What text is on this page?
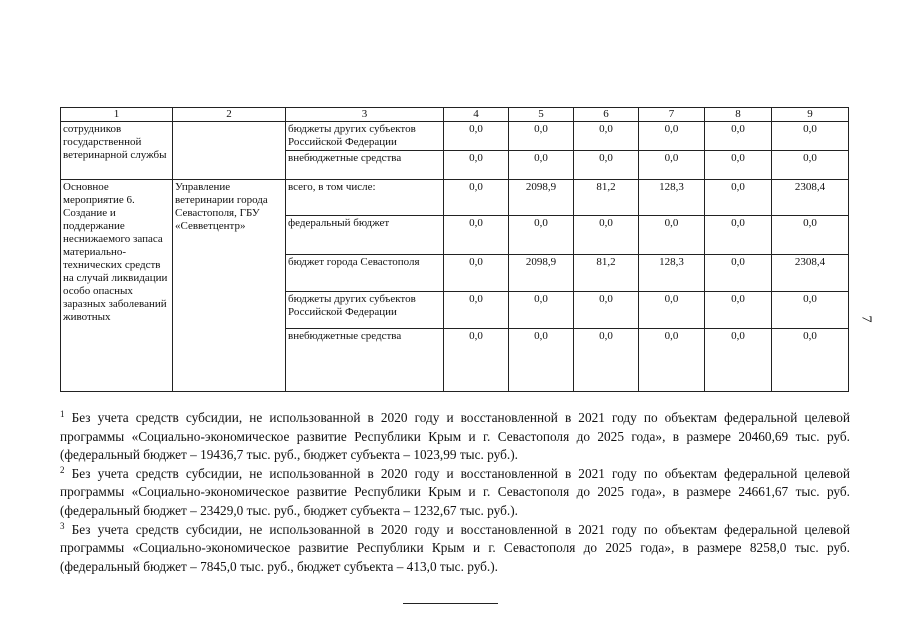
1	2	3	4	5	6	7	8	9
сотрудников государственной ветеринарной службы		бюджеты других субъектов Российской Федерации	0,0	0,0	0,0	0,0	0,0	0,0

		внебюджетные средства	0,0	0,0	0,0	0,0	0,0	0,0
Основное мероприятие 6. Создание и поддержание неснижаемого запаса материально-технических средств на случай ликвидации особо опасных заразных заболеваний животных	Управление ветеринарии города Севастополя, ГБУ «Севветцентр»	всего, в том числе:	0,0	2098,9	81,2	128,3	0,0	2308,4

		федеральный бюджет	0,0	0,0	0,0	0,0	0,0	0,0

		бюджет города Севастополя	0,0	2098,9	81,2	128,3	0,0	2308,4

		бюджеты других субъектов Российской Федерации	0,0	0,0	0,0	0,0	0,0	0,0

		внебюджетные средства	0,0	0,0	0,0	0,0	0,0	0,0

$^1$ Без учета средств субсидии, не использованной в 2020 году и восстановленной в 2021 году по объектам федеральной целевой программы «Социально-экономическое развитие Республики Крым и г. Севастополя до 2025 года», в размере 20460,69 тыс. руб. (федеральный бюджет – 19436,7 тыс. руб., бюджет субъекта – 1023,99 тыс. руб.).

$^2$ Без учета средств субсидии, не использованной в 2020 году и восстановленной в 2021 году по объектам федеральной целевой программы «Социально-экономическое развитие Республики Крым и г. Севастополя до 2025 года», в размере 24661,67 тыс. руб. (федеральный бюджет – 23429,0 тыс. руб., бюджет субъекта – 1232,67 тыс. руб.).

$^3$ Без учета средств субсидии, не использованной в 2020 году и восстановленной в 2021 году по объектам федеральной целевой программы «Социально-экономическое развитие Республики Крым и г. Севастополя до 2025 года», в размере 8258,0 тыс. руб. (федеральный бюджет – 7845,0 тыс. руб., бюджет субъекта – 413,0 тыс. руб.).

7
